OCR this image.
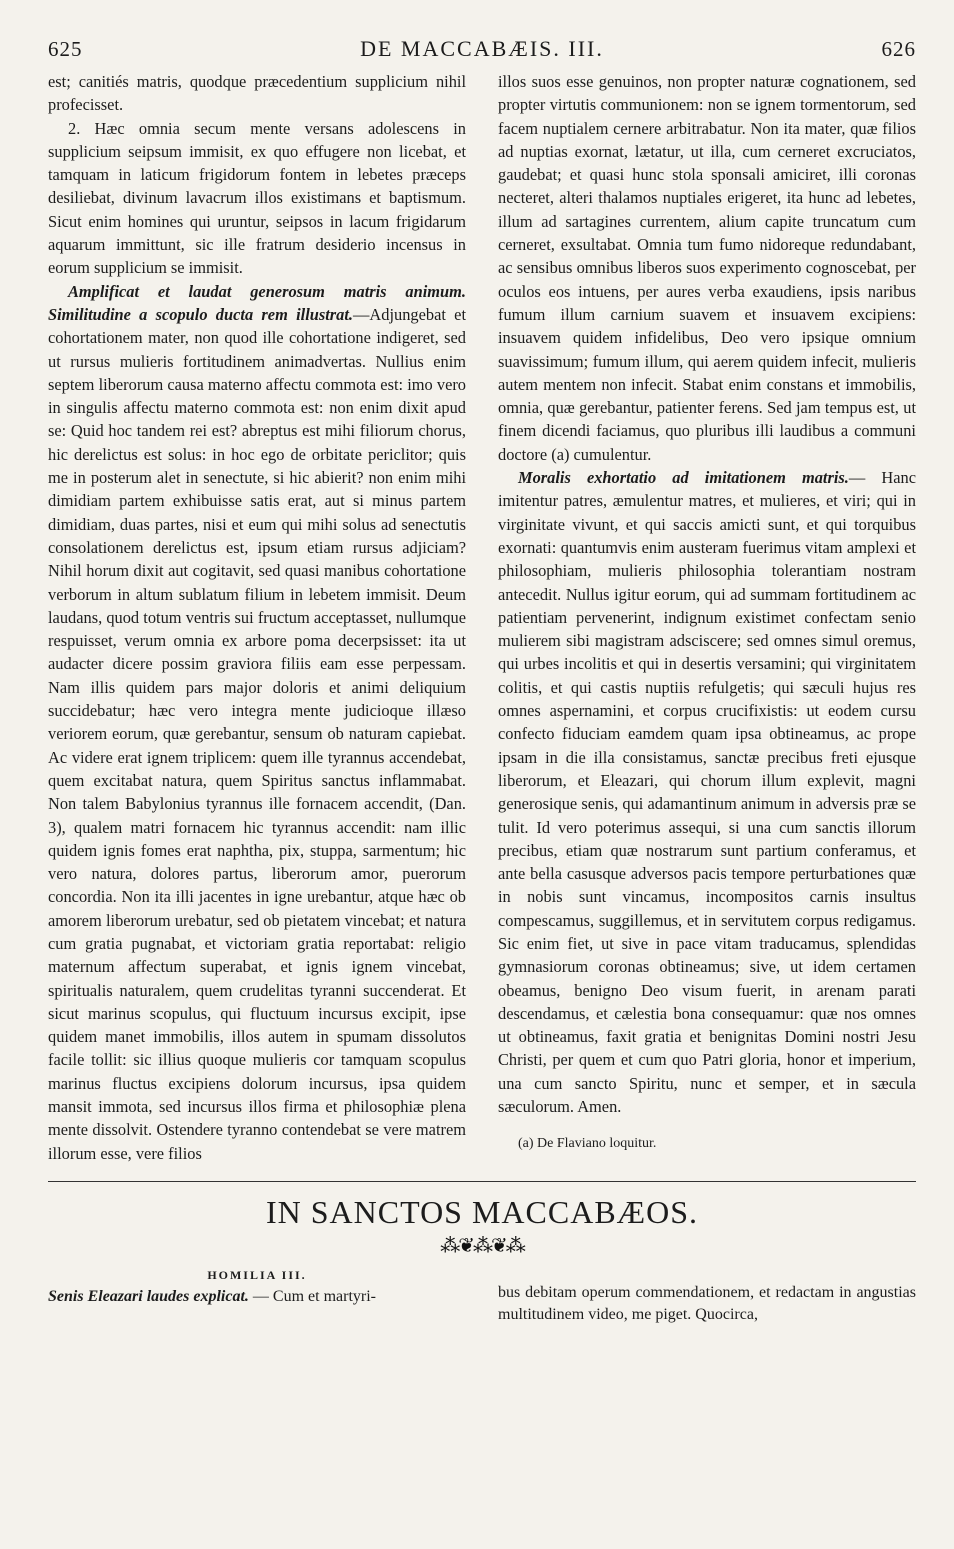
625	DE MACCABÆIS. III.	626

est; canitiés matris, quodque præcedentium supplicium nihil profecisset.

2. Hæc omnia secum mente versans adolescens in supplicium seipsum immisit, ex quo effugere non licebat, et tamquam in laticum frigidorum fontem in lebetes præceps desiliebat, divinum lavacrum illos existimans et baptismum. Sicut enim homines qui uruntur, seipsos in lacum frigidarum aquarum immittunt, sic ille fratrum desiderio incensus in eorum supplicium se immisit.

Amplificat et laudat generosum matris animum. Similitudine a scopulo ducta rem illustrat.—Adjungebat et cohortationem mater, non quod ille cohortatione indigeret, sed ut rursus mulieris fortitudinem animadvertas. Nullius enim septem liberorum causa materno affectu commota est: imo vero in singulis affectu materno commota est: non enim dixit apud se: Quid hoc tandem rei est? abreptus est mihi filiorum chorus, hic derelictus est solus: in hoc ego de orbitate periclitor; quis me in posterum alet in senectute, si hic abierit? non enim mihi dimidiam partem exhibuisse satis erat, aut si minus partem dimidiam, duas partes, nisi et eum qui mihi solus ad senectutis consolationem derelictus est, ipsum etiam rursus adjiciam? Nihil horum dixit aut cogitavit, sed quasi manibus cohortatione verborum in altum sublatum filium in lebetem immisit. Deum laudans, quod totum ventris sui fructum acceptasset, nullumque respuisset, verum omnia ex arbore poma decerpsisset: ita ut audacter dicere possim graviora filiis eam esse perpessam. Nam illis quidem pars major doloris et animi deliquium succidebatur; hæc vero integra mente judicioque illæso veriorem eorum, quæ gerebantur, sensum ob naturam capiebat. Ac videre erat ignem triplicem: quem ille tyrannus accendebat, quem excitabat natura, quem Spiritus sanctus inflammabat. Non talem Babylonius tyrannus ille fornacem accendit, (Dan. 3), qualem matri fornacem hic tyrannus accendit: nam illic quidem ignis fomes erat naphtha, pix, stuppa, sarmentum; hic vero natura, dolores partus, liberorum amor, puerorum concordia. Non ita illi jacentes in igne urebantur, atque hæc ob amorem liberorum urebatur, sed ob pietatem vincebat; et natura cum gratia pugnabat, et victoriam gratia reportabat: religio maternum affectum superabat, et ignis ignem vincebat, spiritualis naturalem, quem crudelitas tyranni succenderat. Et sicut marinus scopulus, qui fluctuum incursus excipit, ipse quidem manet immobilis, illos autem in spumam dissolutos facile tollit: sic illius quoque mulieris cor tamquam scopulus marinus fluctus excipiens dolorum incursus, ipsa quidem mansit immota, sed incursus illos firma et philosophiæ plena mente dissolvit. Ostendere tyranno contendebat se vere matrem illorum esse, vere filios

illos suos esse genuinos, non propter naturæ cognationem, sed propter virtutis communionem: non se ignem tormentorum, sed facem nuptialem cernere arbitrabatur. Non ita mater, quæ filios ad nuptias exornat, lætatur, ut illa, cum cerneret excruciatos, gaudebat; et quasi hunc stola sponsali amiciret, illi coronas necteret, alteri thalamos nuptiales erigeret, ita hunc ad lebetes, illum ad sartagines currentem, alium capite truncatum cum cerneret, exsultabat. Omnia tum fumo nidoreque redundabant, ac sensibus omnibus liberos suos experimento cognoscebat, per oculos eos intuens, per aures verba exaudiens, ipsis naribus fumum illum carnium suavem et insuavem excipiens: insuavem quidem infidelibus, Deo vero ipsique omnium suavissimum; fumum illum, qui aerem quidem infecit, mulieris autem mentem non infecit. Stabat enim constans et immobilis, omnia, quæ gerebantur, patienter ferens. Sed jam tempus est, ut finem dicendi faciamus, quo pluribus illi laudibus a communi doctore (a) cumulentur.

Moralis exhortatio ad imitationem matris.— Hanc imitentur patres, æmulentur matres, et mulieres, et viri; qui in virginitate vivunt, et qui saccis amicti sunt, et qui torquibus exornati: quantumvis enim austeram fuerimus vitam amplexi et philosophiam, mulieris philosophia tolerantiam nostram antecedit. Nullus igitur eorum, qui ad summam fortitudinem ac patientiam pervenerint, indignum existimet confectam senio mulierem sibi magistram adsciscere; sed omnes simul oremus, qui urbes incolitis et qui in desertis versamini; qui virginitatem colitis, et qui castis nuptiis refulgetis; qui sæculi hujus res omnes aspernamini, et corpus crucifixistis: ut eodem cursu confecto fiduciam eamdem quam ipsa obtineamus, ac prope ipsam in die illa consistamus, sanctæ precibus freti ejusque liberorum, et Eleazari, qui chorum illum explevit, magni generosique senis, qui adamantinum animum in adversis præ se tulit. Id vero poterimus assequi, si una cum sanctis illorum precibus, etiam quæ nostrarum sunt partium conferamus, et ante bella casusque adversos pacis tempore perturbationes quæ in nobis sunt vincamus, incompositos carnis insultus compescamus, suggillemus, et in servitutem corpus redigamus. Sic enim fiet, ut sive in pace vitam traducamus, splendidas gymnasiorum coronas obtineamus; sive, ut idem certamen obeamus, benigno Deo visum fuerit, in arenam parati descendamus, et cælestia bona consequamur: quæ nos omnes ut obtineamus, faxit gratia et benignitas Domini nostri Jesu Christi, per quem et cum quo Patri gloria, honor et imperium, una cum sancto Spiritu, nunc et semper, et in sæcula sæculorum. Amen.

(a) De Flaviano loquitur.
IN SANCTOS MACCABÆOS.
⁂❦⁂❦⁂
HOMILIA III.

Senis Eleazari laudes explicat. — Cum et martyri-	bus debitam operum commendationem, et redactam in angustias multitudinem video, me piget. Quocirca,
